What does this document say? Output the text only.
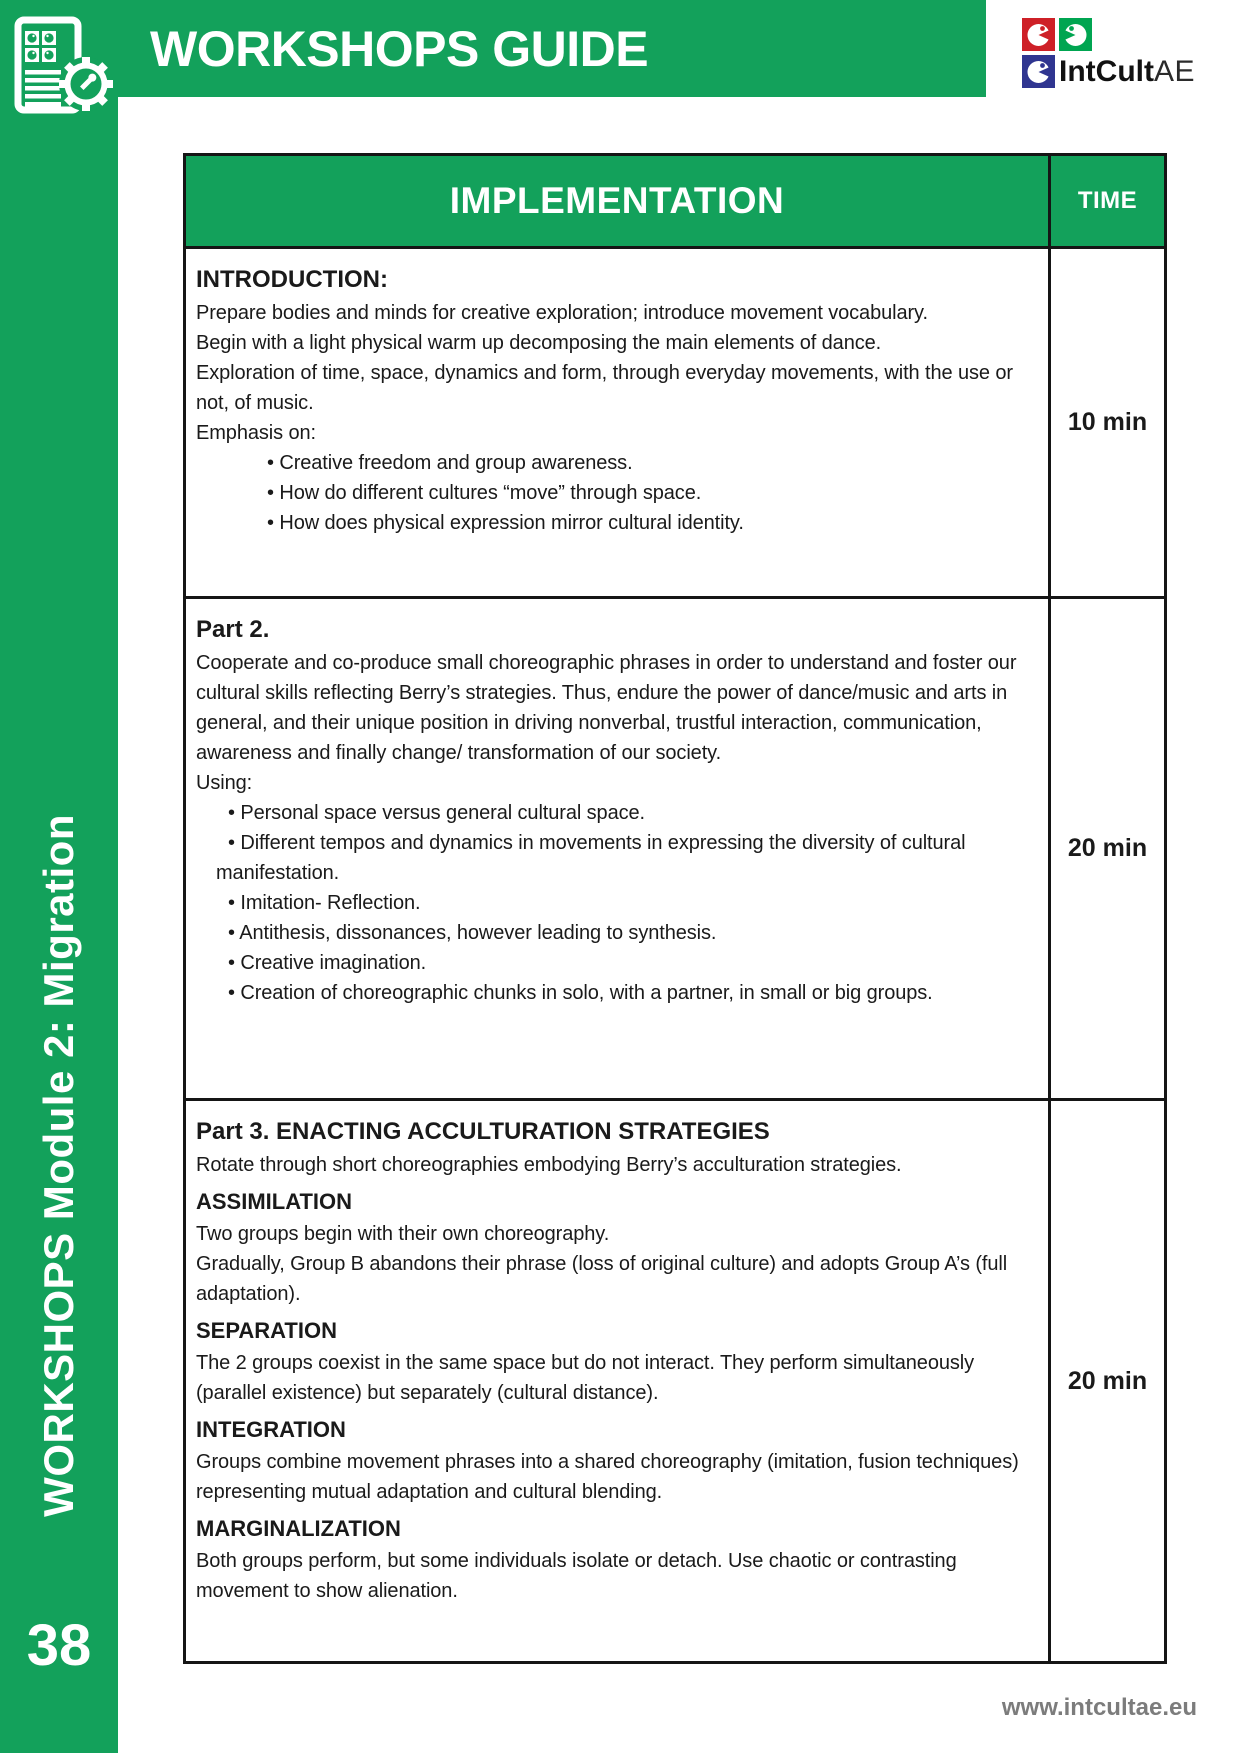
WORKSHOPS Module 2: Migration
38
WORKSHOPS GUIDE	IntCult AE
IMPLEMENTATION	TIME
INTRODUCTION:

Prepare bodies and minds for creative exploration; introduce movement vocabulary.

Begin with a light physical warm up decomposing the main elements of dance.

Exploration of time, space, dynamics and form, through everyday movements, with the use or not, of music.

Emphasis on:

• Creative freedom and group awareness.
• How do different cultures “move” through space.
• How does physical expression mirror cultural identity.
10 min
Part 2.

Cooperate and co-produce small choreographic phrases in order to understand and foster our cultural skills reflecting Berry’s strategies. Thus, endure the power of dance/music and arts in general, and their unique position in driving nonverbal, trustful interaction, communication, awareness and finally change/ transformation of our society.

Using:

• Personal space versus general cultural space.
• Different tempos and dynamics in movements in expressing the diversity of cultural manifestation.
• Imitation- Reflection.
• Antithesis, dissonances, however leading to synthesis.
• Creative imagination.
• Creation of choreographic chunks in solo, with a partner, in small or big groups.
20 min
Part 3. ENACTING ACCULTURATION STRATEGIES

Rotate through short choreographies embodying Berry’s acculturation strategies.

ASSIMILATION

Two groups begin with their own choreography.

Gradually, Group B abandons their phrase (loss of original culture) and adopts Group A’s (full adaptation).

SEPARATION

The 2 groups coexist in the same space but do not interact. They perform simultaneously (parallel existence) but separately (cultural distance).

INTEGRATION

Groups combine movement phrases into a shared choreography (imitation, fusion techniques) representing mutual adaptation and cultural blending.

MARGINALIZATION

Both groups perform, but some individuals isolate or detach. Use chaotic or contrasting movement to show alienation.

20 min
www.intcultae.eu
